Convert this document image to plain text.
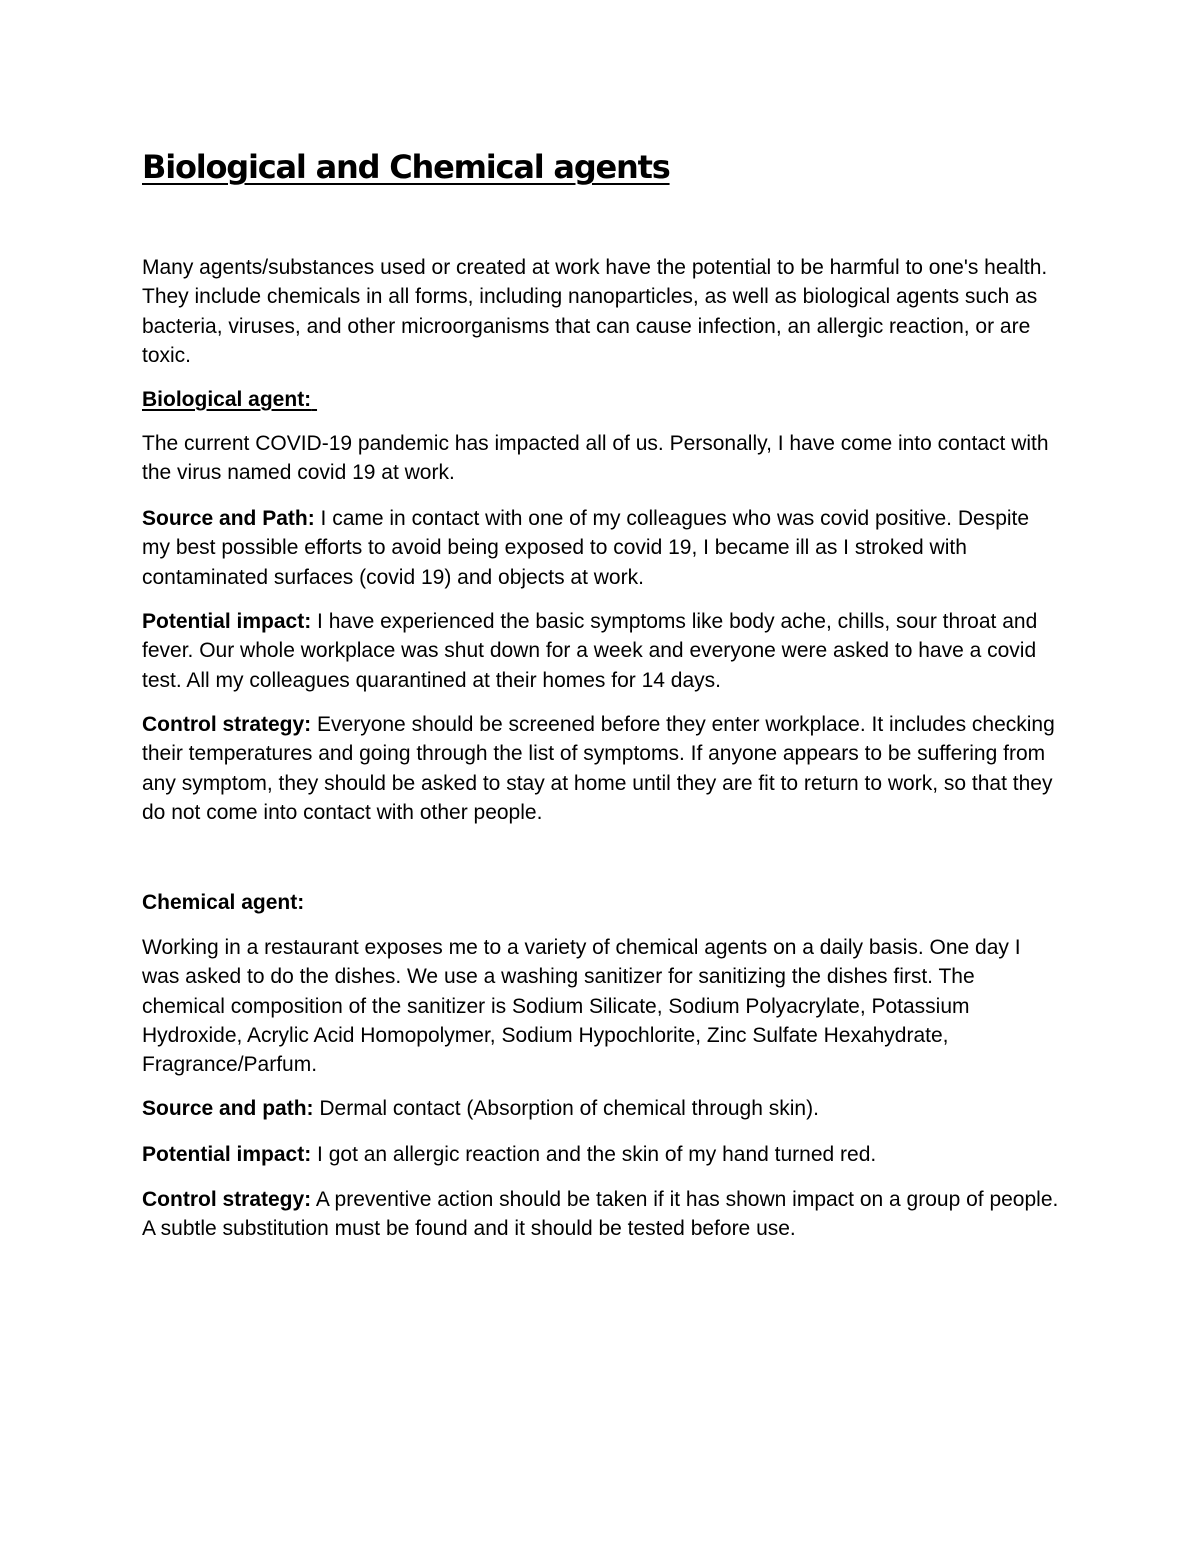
Biological and Chemical agents

Many agents/substances used or created at work have the potential to be harmful to one's health. They include chemicals in all forms, including nanoparticles, as well as biological agents such as bacteria, viruses, and other microorganisms that can cause infection, an allergic reaction, or are toxic.

Biological agent:

The current COVID-19 pandemic has impacted all of us. Personally, I have come into contact with the virus named covid 19 at work.

Source and Path: I came in contact with one of my colleagues who was covid positive. Despite my best possible efforts to avoid being exposed to covid 19, I became ill as I stroked with contaminated surfaces (covid 19) and objects at work.

Potential impact: I have experienced the basic symptoms like body ache, chills, sour throat and fever. Our whole workplace was shut down for a week and everyone were asked to have a covid test. All my colleagues quarantined at their homes for 14 days.

Control strategy: Everyone should be screened before they enter workplace. It includes checking their temperatures and going through the list of symptoms. If anyone appears to be suffering from any symptom, they should be asked to stay at home until they are fit to return to work, so that they do not come into contact with other people.

Chemical agent:

Working in a restaurant exposes me to a variety of chemical agents on a daily basis. One day I was asked to do the dishes. We use a washing sanitizer for sanitizing the dishes first. The chemical composition of the sanitizer is Sodium Silicate, Sodium Polyacrylate, Potassium Hydroxide, Acrylic Acid Homopolymer, Sodium Hypochlorite, Zinc Sulfate Hexahydrate, Fragrance/Parfum.

Source and path: Dermal contact (Absorption of chemical through skin).

Potential impact: I got an allergic reaction and the skin of my hand turned red.

Control strategy: A preventive action should be taken if it has shown impact on a group of people. A subtle substitution must be found and it should be tested before use.
